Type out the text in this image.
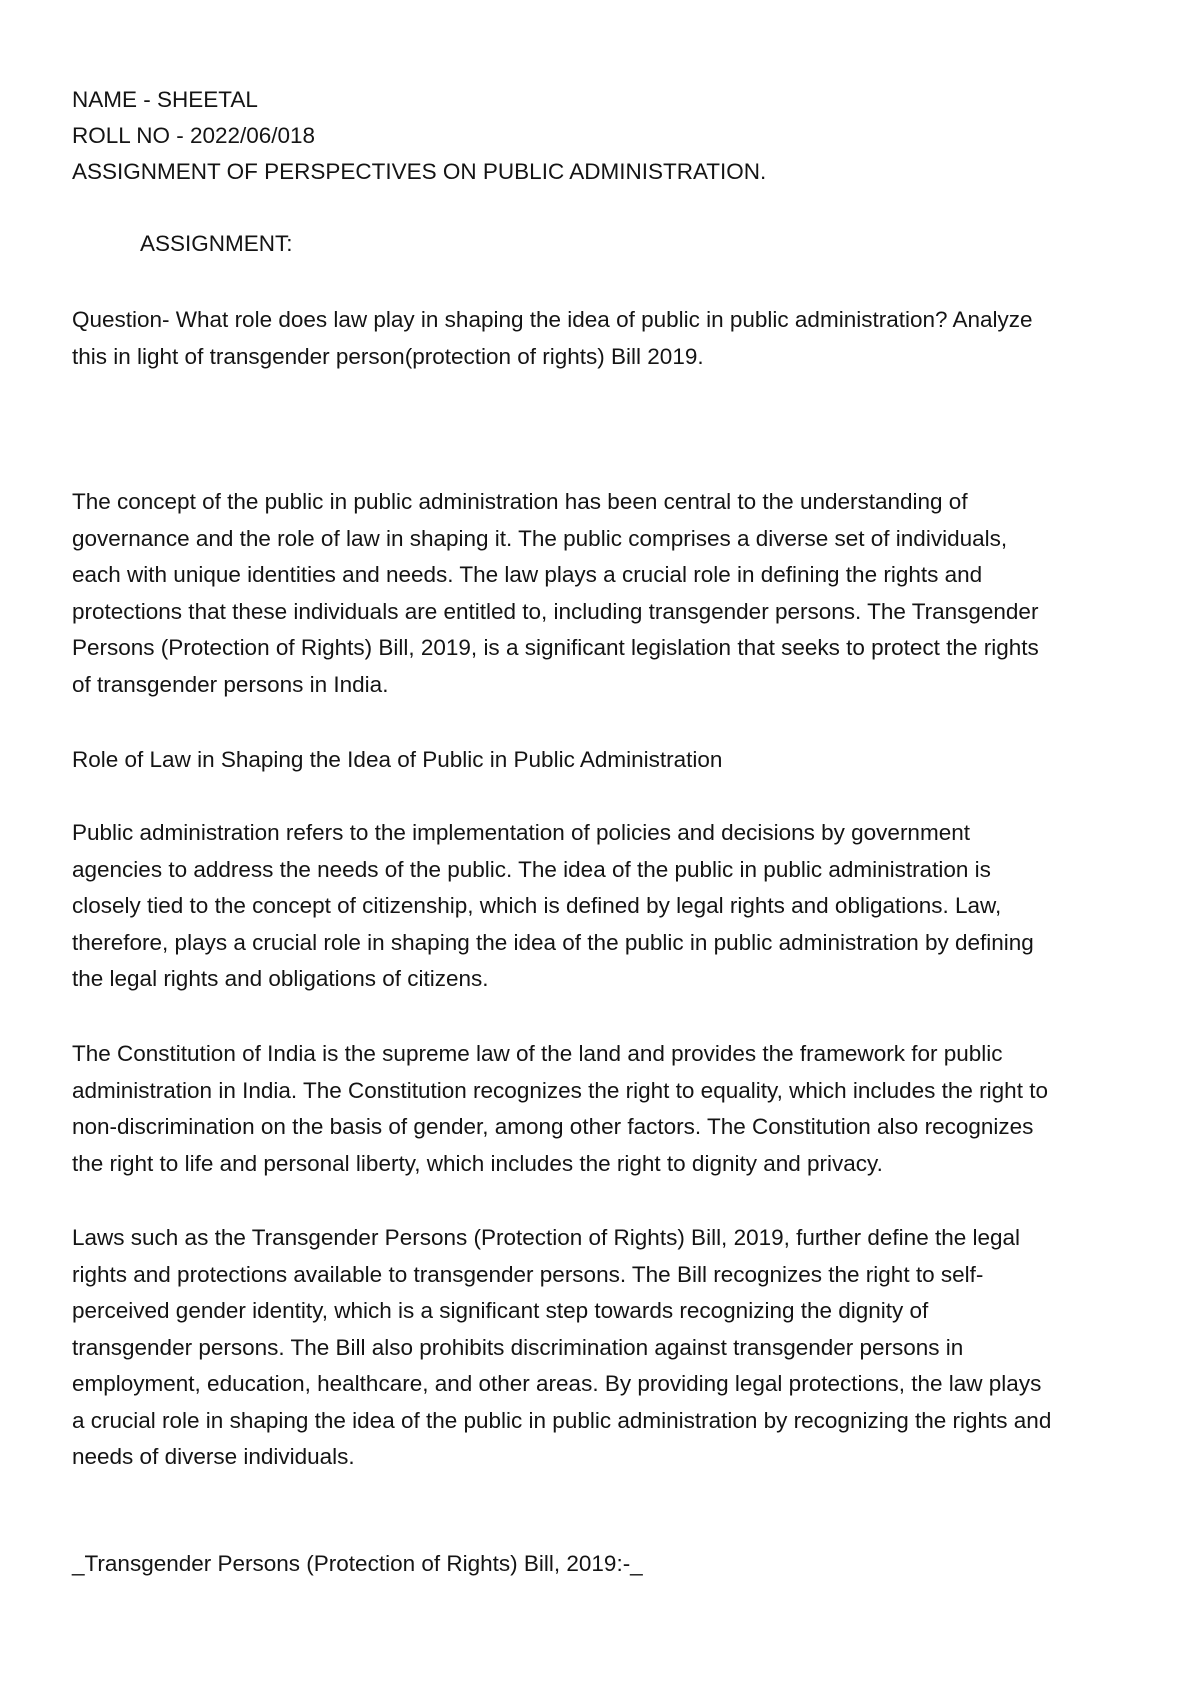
NAME - SHEETAL
ROLL NO - 2022/06/018
ASSIGNMENT OF PERSPECTIVES ON PUBLIC ADMINISTRATION.
ASSIGNMENT:
Question- What role does law play in shaping the idea of public in public administration? Analyze
this in light of transgender person(protection of rights) Bill 2019.
The concept of the public in public administration has been central to the understanding of
governance and the role of law in shaping it. The public comprises a diverse set of individuals,
each with unique identities and needs. The law plays a crucial role in defining the rights and
protections that these individuals are entitled to, including transgender persons. The Transgender
Persons (Protection of Rights) Bill, 2019, is a significant legislation that seeks to protect the rights
of transgender persons in India.
Role of Law in Shaping the Idea of Public in Public Administration
Public administration refers to the implementation of policies and decisions by government
agencies to address the needs of the public. The idea of the public in public administration is
closely tied to the concept of citizenship, which is defined by legal rights and obligations. Law,
therefore, plays a crucial role in shaping the idea of the public in public administration by defining
the legal rights and obligations of citizens.
The Constitution of India is the supreme law of the land and provides the framework for public
administration in India. The Constitution recognizes the right to equality, which includes the right to
non-discrimination on the basis of gender, among other factors. The Constitution also recognizes
the right to life and personal liberty, which includes the right to dignity and privacy.
Laws such as the Transgender Persons (Protection of Rights) Bill, 2019, further define the legal
rights and protections available to transgender persons. The Bill recognizes the right to self-
perceived gender identity, which is a significant step towards recognizing the dignity of
transgender persons. The Bill also prohibits discrimination against transgender persons in
employment, education, healthcare, and other areas. By providing legal protections, the law plays
a crucial role in shaping the idea of the public in public administration by recognizing the rights and
needs of diverse individuals.
_Transgender Persons (Protection of Rights) Bill, 2019:-_
